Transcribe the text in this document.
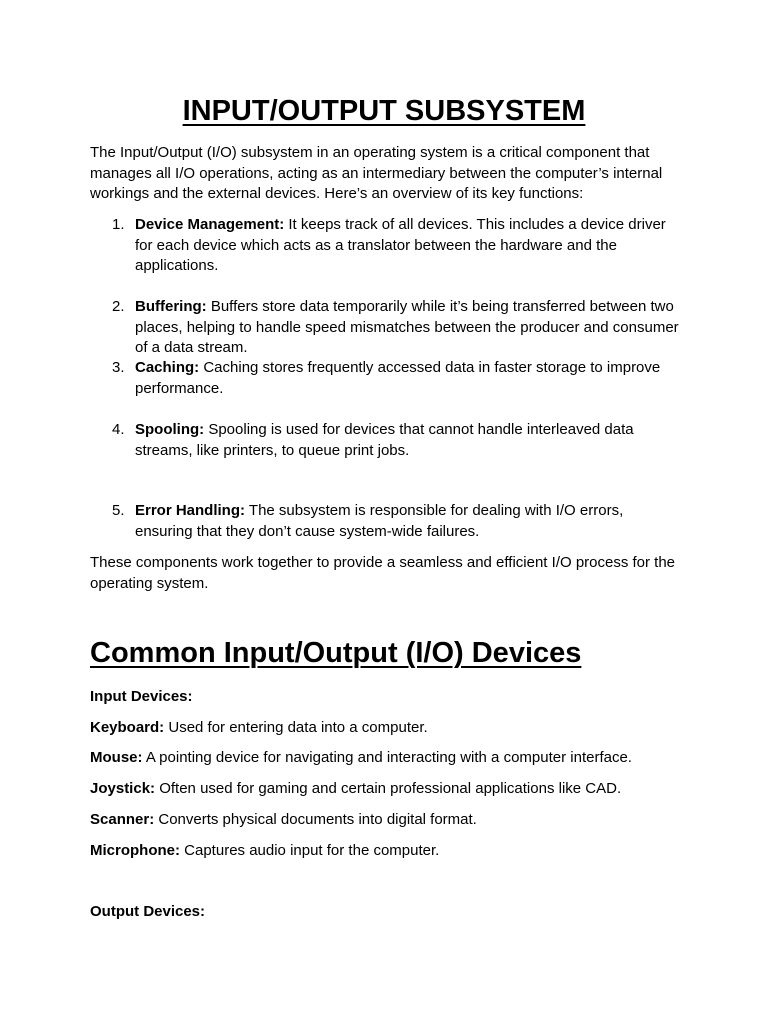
INPUT/OUTPUT SUBSYSTEM
The Input/Output (I/O) subsystem in an operating system is a critical component that manages all I/O operations, acting as an intermediary between the computer’s internal workings and the external devices. Here’s an overview of its key functions:
1. Device Management: It keeps track of all devices. This includes a device driver for each device which acts as a translator between the hardware and the applications.
2. Buffering: Buffers store data temporarily while it’s being transferred between two places, helping to handle speed mismatches between the producer and consumer of a data stream.
3. Caching: Caching stores frequently accessed data in faster storage to improve performance.
4. Spooling: Spooling is used for devices that cannot handle interleaved data streams, like printers, to queue print jobs.
5. Error Handling: The subsystem is responsible for dealing with I/O errors, ensuring that they don’t cause system-wide failures.
These components work together to provide a seamless and efficient I/O process for the operating system.
Common Input/Output (I/O) Devices
Input Devices:
Keyboard: Used for entering data into a computer.
Mouse: A pointing device for navigating and interacting with a computer interface.
Joystick: Often used for gaming and certain professional applications like CAD.
Scanner: Converts physical documents into digital format.
Microphone: Captures audio input for the computer.
Output Devices:
